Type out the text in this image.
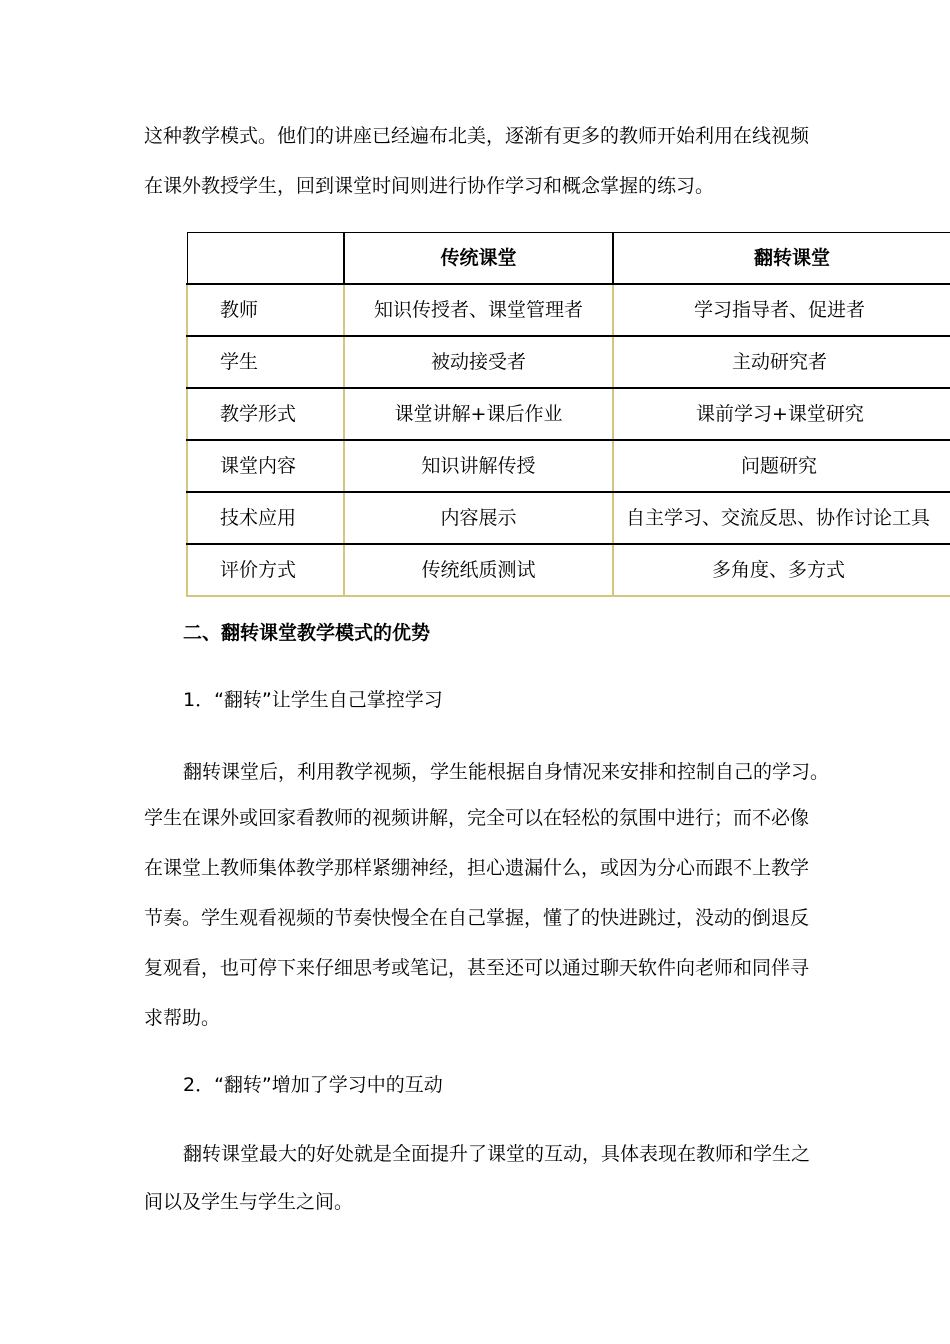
这种教学模式。他们的讲座已经遍布北美，逐渐有更多的教师开始利用在线视频
在课外教授学生，回到课堂时间则进行协作学习和概念掌握的练习。
	传统课堂	翻转课堂
教师	知识传授者、课堂管理者	学习指导者、促进者
学生	被动接受者	主动研究者
教学形式	课堂讲解+课后作业	课前学习+课堂研究
课堂内容	知识讲解传授	问题研究
技术应用	内容展示	自主学习、交流反思、协作讨论工具
评价方式	传统纸质测试	多角度、多方式
二、翻转课堂教学模式的优势
1．“翻转”让学生自己掌控学习
翻转课堂后，利用教学视频，学生能根据自身情况来安排和控制自己的学习。
学生在课外或回家看教师的视频讲解，完全可以在轻松的氛围中进行；而不必像
在课堂上教师集体教学那样紧绷神经，担心遗漏什么，或因为分心而跟不上教学
节奏。学生观看视频的节奏快慢全在自己掌握，懂了的快进跳过，没动的倒退反
复观看，也可停下来仔细思考或笔记，甚至还可以通过聊天软件向老师和同伴寻
求帮助。
2．“翻转”增加了学习中的互动
翻转课堂最大的好处就是全面提升了课堂的互动，具体表现在教师和学生之
间以及学生与学生之间。
